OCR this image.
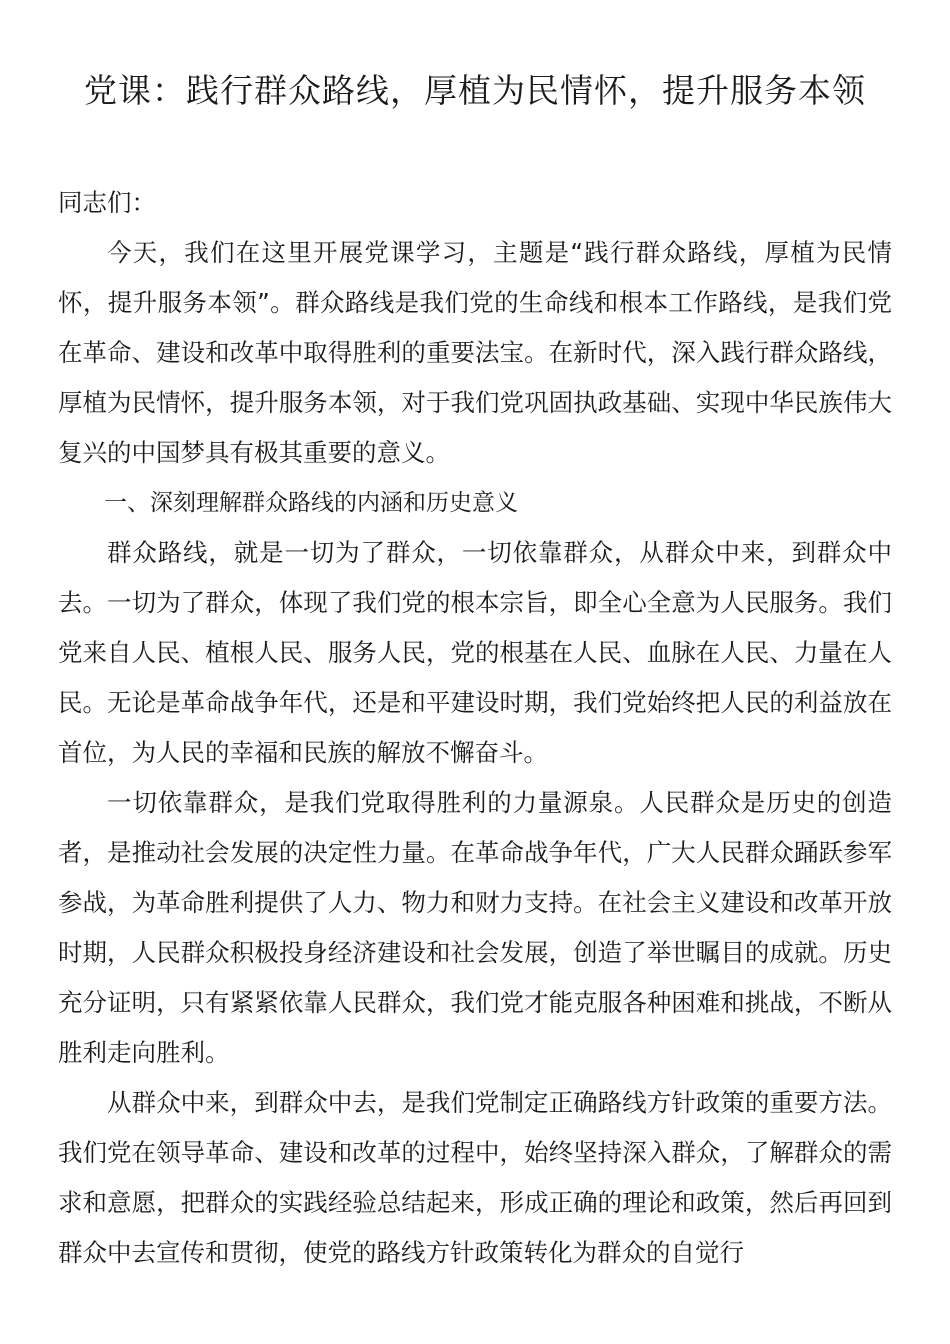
党课：践行群众路线，厚植为民情怀，提升服务本领

同志们：

今天，我们在这里开展党课学习，主题是“践行群众路线，厚植为民情怀，提升服务本领”。群众路线是我们党的生命线和根本工作路线，是我们党在革命、建设和改革中取得胜利的重要法宝。在新时代，深入践行群众路线，厚植为民情怀，提升服务本领，对于我们党巩固执政基础、实现中华民族伟大复兴的中国梦具有极其重要的意义。

一、深刻理解群众路线的内涵和历史意义

群众路线，就是一切为了群众，一切依靠群众，从群众中来，到群众中去。一切为了群众，体现了我们党的根本宗旨，即全心全意为人民服务。我们党来自人民、植根人民、服务人民，党的根基在人民、血脉在人民、力量在人民。无论是革命战争年代，还是和平建设时期，我们党始终把人民的利益放在首位，为人民的幸福和民族的解放不懈奋斗。

一切依靠群众，是我们党取得胜利的力量源泉。人民群众是历史的创造者，是推动社会发展的决定性力量。在革命战争年代，广大人民群众踊跃参军参战，为革命胜利提供了人力、物力和财力支持。在社会主义建设和改革开放时期，人民群众积极投身经济建设和社会发展，创造了举世瞩目的成就。历史充分证明，只有紧紧依靠人民群众，我们党才能克服各种困难和挑战，不断从胜利走向胜利。

从群众中来，到群众中去，是我们党制定正确路线方针政策的重要方法。我们党在领导革命、建设和改革的过程中，始终坚持深入群众，了解群众的需求和意愿，把群众的实践经验总结起来，形成正确的理论和政策，然后再回到群众中去宣传和贯彻，使党的路线方针政策转化为群众的自觉行
